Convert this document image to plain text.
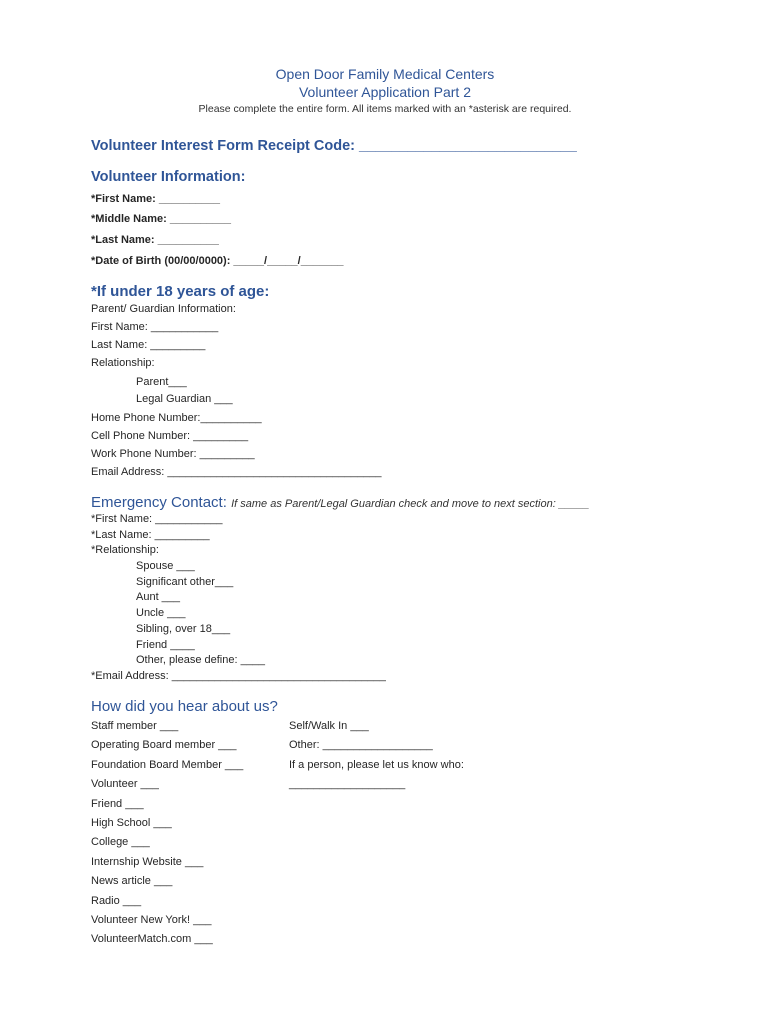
Open Door Family Medical Centers
Volunteer Application Part 2
Please complete the entire form. All items marked with an *asterisk are required.
Volunteer Interest Form Receipt Code: ___________________________
Volunteer Information:
*First Name: __________
*Middle Name: __________
*Last Name: __________
*Date of Birth (00/00/0000): _____/_____/_______
*If under 18 years of age:
Parent/ Guardian Information:
First Name: ___________
Last Name: _________
Relationship:
Parent___
Legal Guardian ___
Home Phone Number:__________
Cell Phone Number: _________
Work Phone Number: _________
Email Address: ___________________________________
Emergency Contact: If same as Parent/Legal Guardian check and move to next section: _____
*First Name: ___________
*Last Name: _________
*Relationship:
Spouse ___
Significant other___
Aunt ___
Uncle ___
Sibling, over 18___
Friend ____
Other, please define: ____
*Email Address: ___________________________________
How did you hear about us?
Staff member ___
Operating Board member ___
Foundation Board Member ___
Volunteer ___
Friend ___
High School ___
College ___
Internship Website ___
News article ___
Radio ___
Volunteer New York! ___
VolunteerMatch.com ___
Self/Walk In ___
Other: __________________
If a person, please let us know who:
___________________
